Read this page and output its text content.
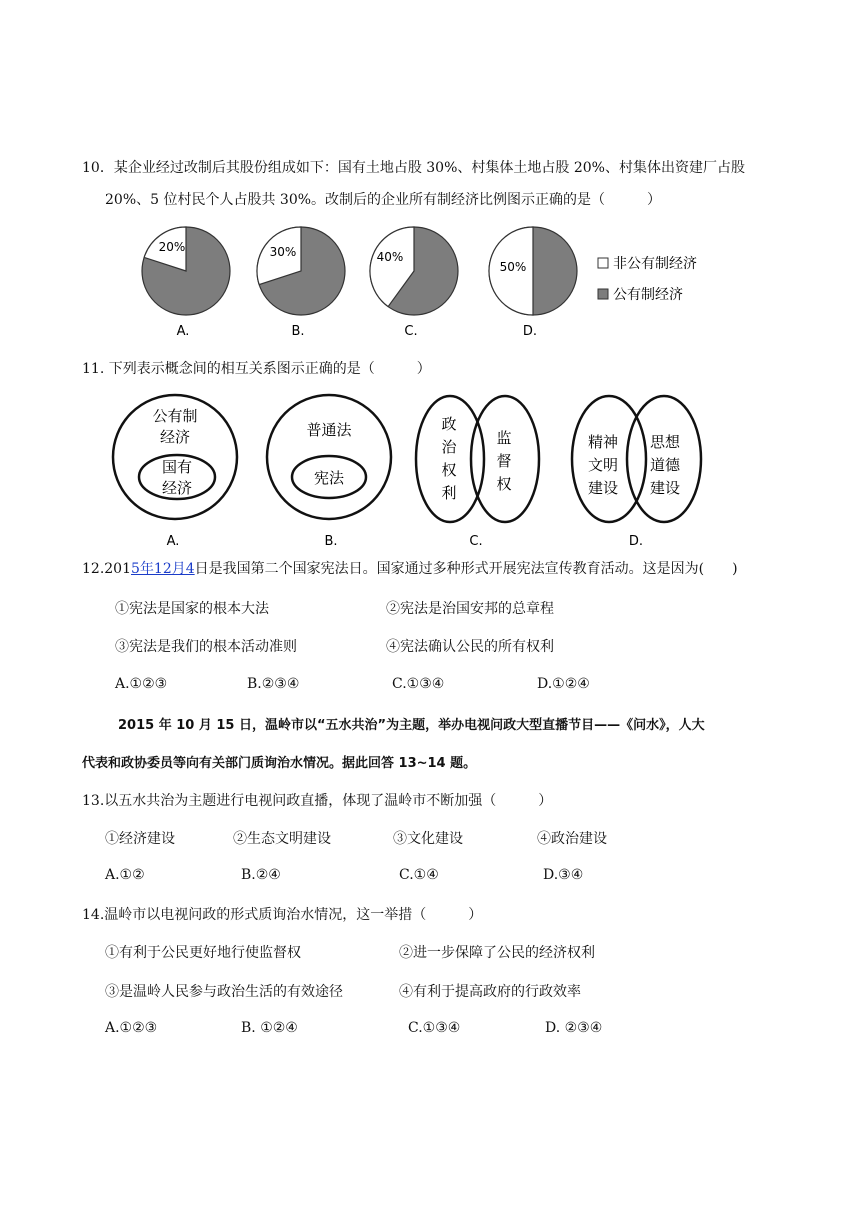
10．某企业经过改制后其股份组成如下：国有土地占股 30%、村集体土地占股 20%、村集体出资建厂占股
20%、5 位村民个人占股共 30%。改制后的企业所有制经济比例图示正确的是（　　　）
20%
A.
30%
B.
40%
C.
50%
D.
非公有制经济
公有制经济
11. 下列表示概念间的相互关系图示正确的是（　　　）
公有制
经济
国有
经济
A.
普通法
宪法
B.
政
治
权
利
监
督
权
C.
精神
文明
建设
思想
道德
建设
D.
12.2015年12月4日是我国第二个国家宪法日。国家通过多种形式开展宪法宣传教育活动。这是因为(　　)
①宪法是国家的根本大法	②宪法是治国安邦的总章程
③宪法是我们的根本活动准则	④宪法确认公民的所有权利
A.①②③	B.②③④	C.①③④	D.①②④
2015 年 10 月 15 日，温岭市以“五水共治”为主题，举办电视问政大型直播节目——《问水》，人大
代表和政协委员等向有关部门质询治水情况。据此回答 13~14 题。
13.以五水共治为主题进行电视问政直播，体现了温岭市不断加强（　　　）
①经济建设	②生态文明建设	③文化建设	④政治建设
A.①②	B.②④	C.①④	D.③④
14.温岭市以电视问政的形式质询治水情况，这一举措（　　　）
①有利于公民更好地行使监督权	②进一步保障了公民的经济权利
③是温岭人民参与政治生活的有效途径	④有利于提高政府的行政效率
A.①②③	B. ①②④	C.①③④	D. ②③④
